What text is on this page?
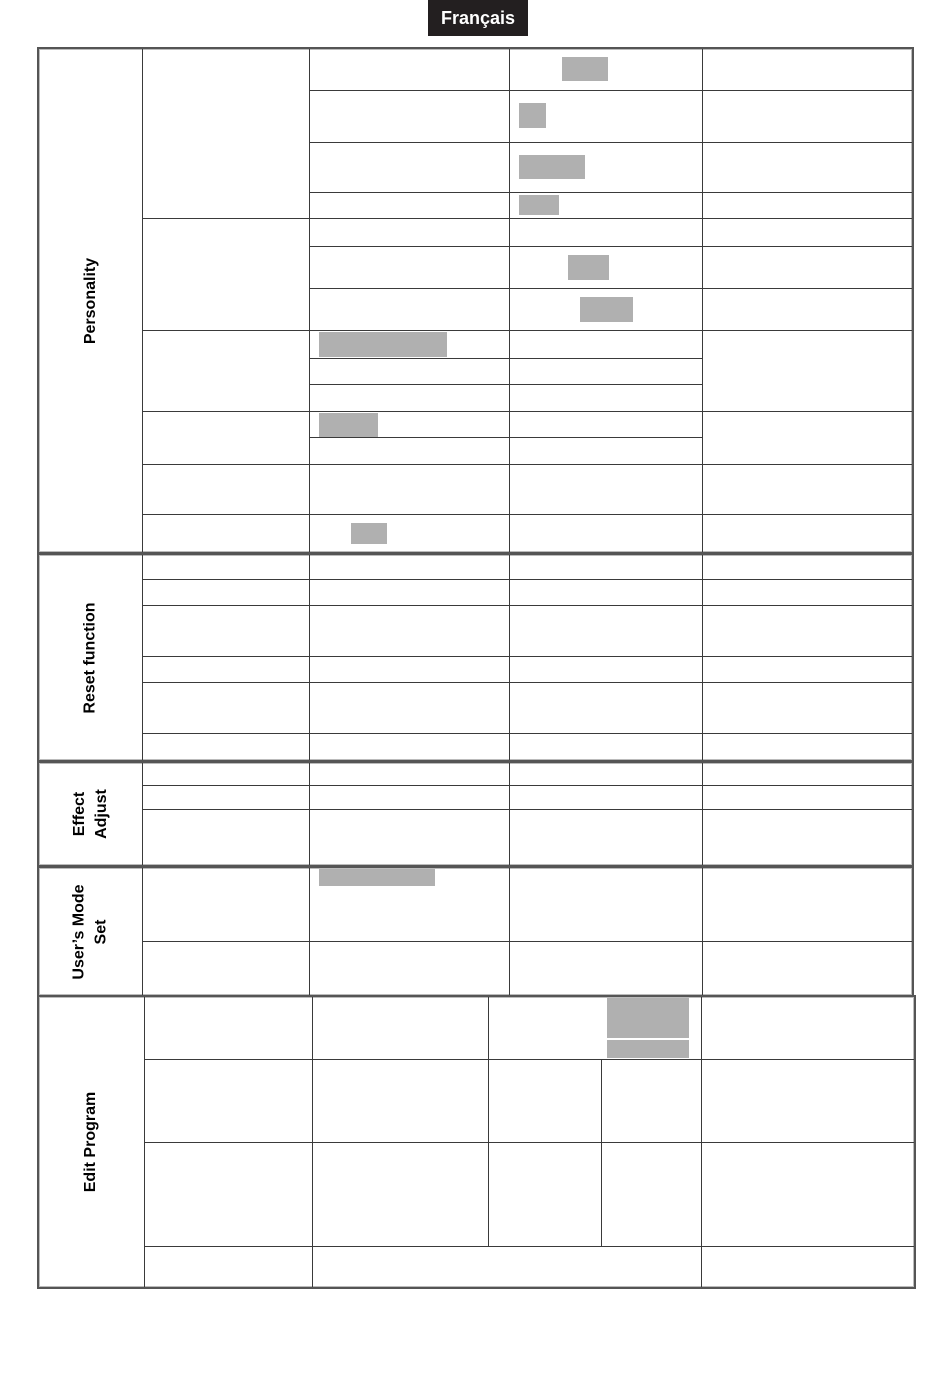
Français
Personality
Reset function
Effect
Adjust
User’s Mode
Set
Edit Program
